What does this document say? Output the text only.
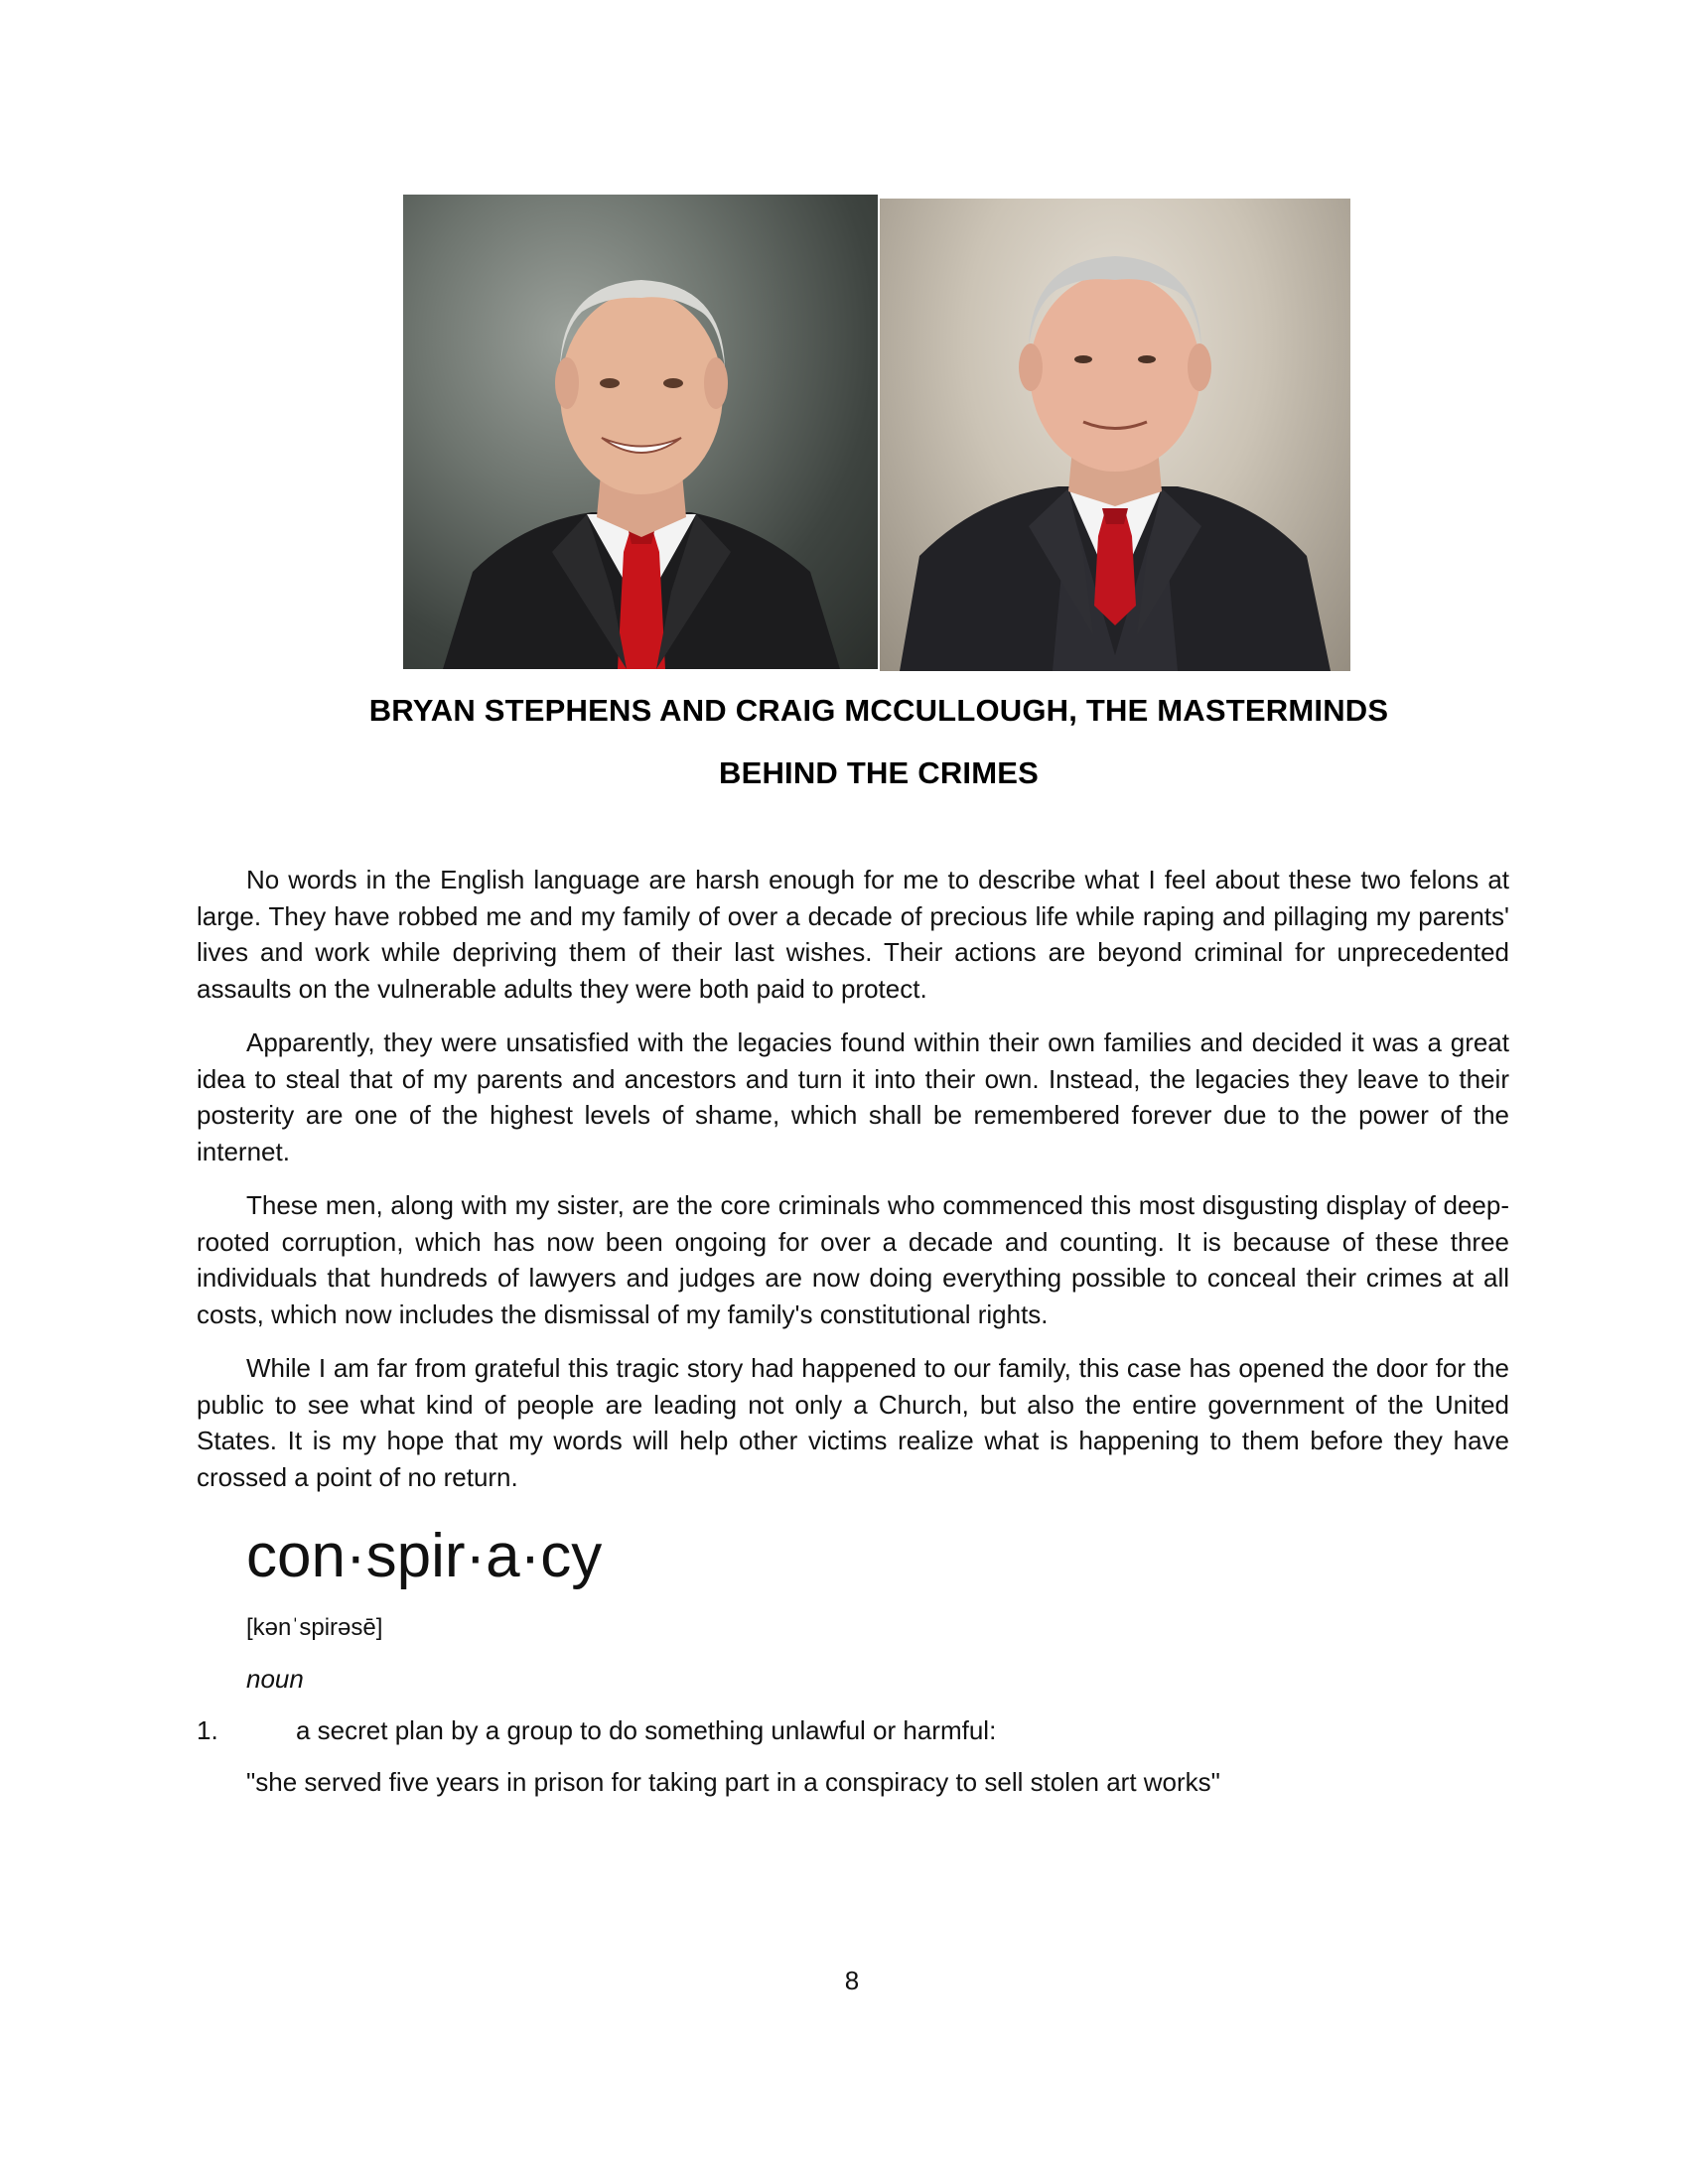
BRYAN STEPHENS AND CRAIG MCCULLOUGH, THE MASTERMINDS
BEHIND THE CRIMES

No words in the English language are harsh enough for me to describe what I feel about these two felons at large. They have robbed me and my family of over a decade of precious life while raping and pillaging my parents' lives and work while depriving them of their last wishes. Their actions are beyond criminal for unprecedented assaults on the vulnerable adults they were both paid to protect.

Apparently, they were unsatisfied with the legacies found within their own families and decided it was a great idea to steal that of my parents and ancestors and turn it into their own. Instead, the legacies they leave to their posterity are one of the highest levels of shame, which shall be remembered forever due to the power of the internet.

These men, along with my sister, are the core criminals who commenced this most disgusting display of deep-rooted corruption, which has now been ongoing for over a decade and counting. It is because of these three individuals that hundreds of lawyers and judges are now doing everything possible to conceal their crimes at all costs, which now includes the dismissal of my family's constitutional rights.

While I am far from grateful this tragic story had happened to our family, this case has opened the door for the public to see what kind of people are leading not only a Church, but also the entire government of the United States. It is my hope that my words will help other victims realize what is happening to them before they have crossed a point of no return.

con·spir·a·cy
[kənˈspirəsē]
noun
1.	a secret plan by a group to do something unlawful or harmful:
"she served five years in prison for taking part in a conspiracy to sell stolen art works"
8
